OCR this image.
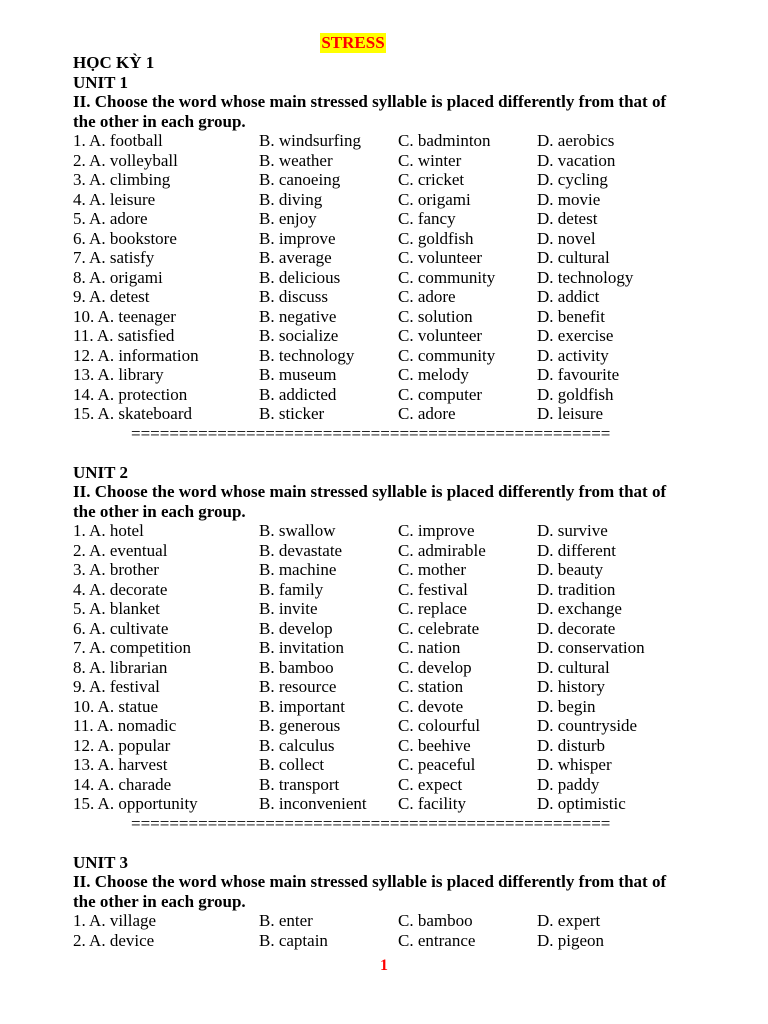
STRESS
HỌC KỲ 1
UNIT 1
II. Choose the word whose main stressed syllable is placed differently from that of
the other in each group.
1. A. football	B. windsurfing C. badminton	D. aerobics
2. A. volleyball	B. weather	C. winter	D. vacation
3. A. climbing	B. canoeing	C. cricket	D. cycling
4. A. leisure	B. diving	C. origami	D. movie
5. A. adore	B. enjoy	C. fancy	D. detest
6. A. bookstore	B. improve	C. goldfish	D. novel
7. A. satisfy	B. average	C. volunteer	D. cultural
8. A. origami	B. delicious	C. community D. technology
9. A. detest	B. discuss	C. adore	D. addict
10. A. teenager	B. negative	C. solution	D. benefit
11. A. satisfied	B. socialize	C. volunteer	D. exercise
12. A. information	B. technology	C. community D. activity
13. A. library	B. museum	C. melody	D. favourite
14. A. protection	B. addicted	C. computer	D. goldfish
15. A. skateboard	B. sticker	C. adore	D. leisure
==================================================
UNIT 2
II. Choose the word whose main stressed syllable is placed differently from that of
the other in each group.
1. A. hotel	B. swallow	C. improve	D. survive
2. A. eventual	B. devastate	C. admirable	D. different
3. A. brother	B. machine	C. mother	D. beauty
4. A. decorate	B. family	C. festival	D. tradition
5. A. blanket	B. invite	C. replace	D. exchange
6. A. cultivate	B. develop	C. celebrate	D. decorate
7. A. competition	B. invitation	C. nation	D. conservation
8. A. librarian	B. bamboo	C. develop	D. cultural
9. A. festival	B. resource	C. station	D. history
10. A. statue	B. important	C. devote	D. begin
11. A. nomadic	B. generous	C. colourful	D. countryside
12. A. popular	B. calculus	C. beehive	D. disturb
13. A. harvest	B. collect	C. peaceful	D. whisper
14. A. charade	B. transport	C. expect	D. paddy
15. A. opportunity	B. inconvenient C. facility	D. optimistic
==================================================
UNIT 3
II. Choose the word whose main stressed syllable is placed differently from that of
the other in each group.
1. A. village	B. enter	C. bamboo	D. expert
2. A. device	B. captain	C. entrance	D. pigeon
1
